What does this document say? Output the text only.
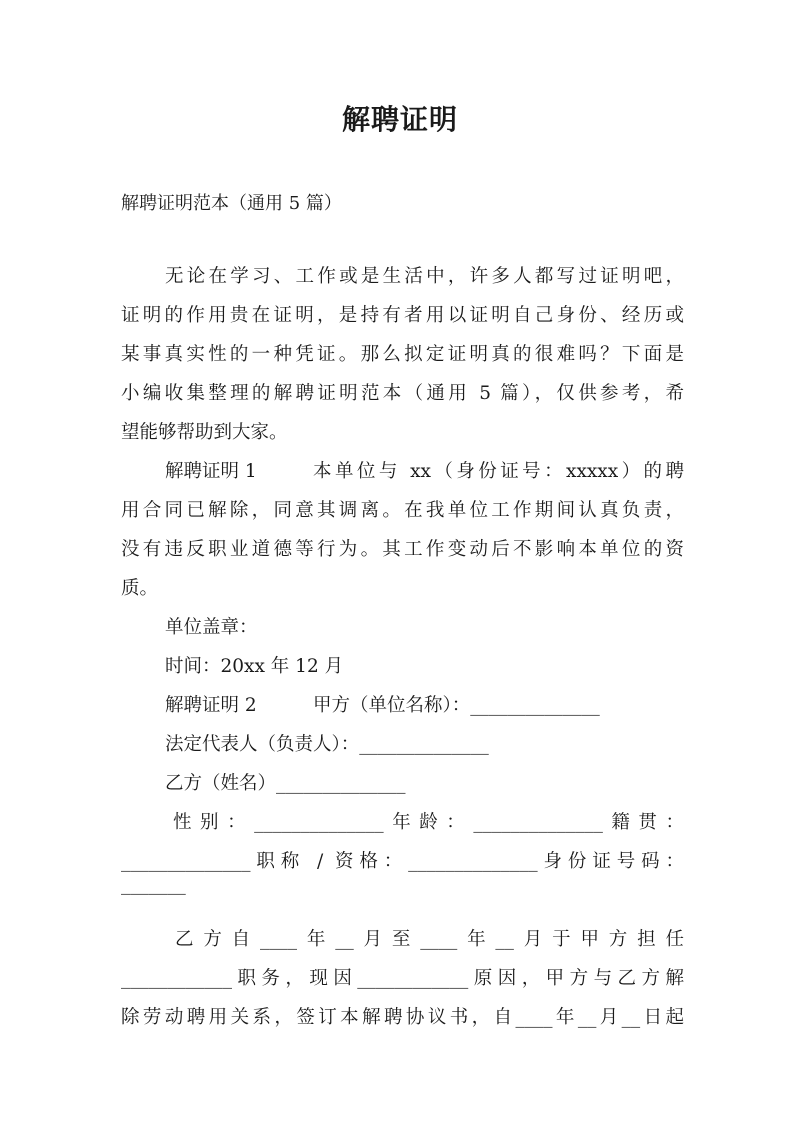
解聘证明
解聘证明范本（通用 5 篇）
无论在学习、工作或是生活中，许多人都写过证明吧，
证明的作用贵在证明，是持有者用以证明自己身份、经历或
某事真实性的一种凭证。那么拟定证明真的很难吗？下面是
小编收集整理的解聘证明范本（通用 5 篇），仅供参考，希
望能够帮助到大家。
解聘证明 1	本单位与 xx（身份证号：xxxxx）的聘
用合同已解除，同意其调离。在我单位工作期间认真负责，
没有违反职业道德等行为。其工作变动后不影响本单位的资
质。
单位盖章：
时间：20xx 年 12 月
解聘证明 2	甲方（单位名称）：______________
法定代表人（负责人）：______________
乙方（姓名）______________
性别：______________年龄：______________籍贯：
______________职称 / 资格：______________身份证号码：
_______
乙方自____年__月至____年__月于甲方担任
____________职务，现因____________原因，甲方与乙方解
除劳动聘用关系，签订本解聘协议书，自____年__月__日起
